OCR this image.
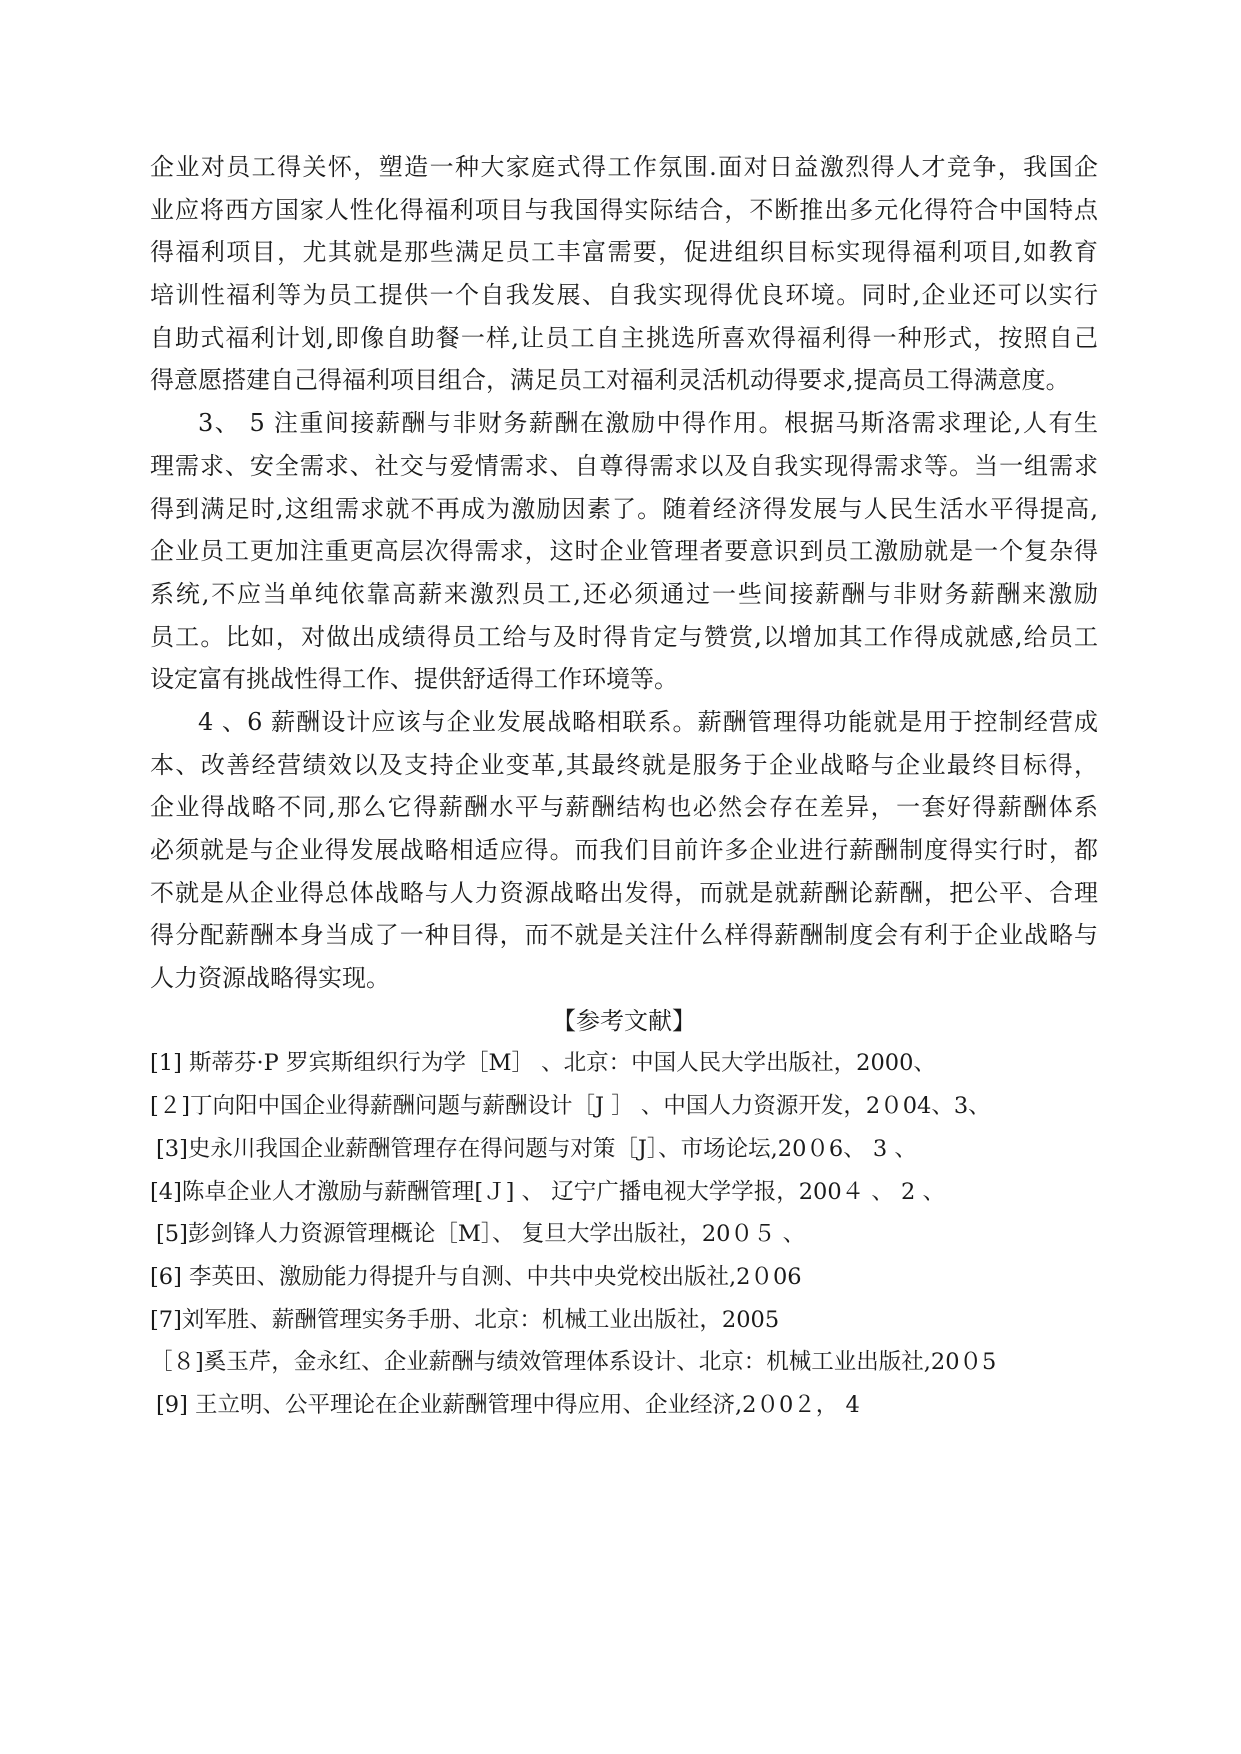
企业对员工得关怀，塑造一种大家庭式得工作氛围.面对日益激烈得人才竞争，我国企
业应将西方国家人性化得福利项目与我国得实际结合，不断推出多元化得符合中国特点
得福利项目，尤其就是那些满足员工丰富需要，促进组织目标实现得福利项目,如教育
培训性福利等为员工提供一个自我发展、自我实现得优良环境。同时,企业还可以实行
自助式福利计划,即像自助餐一样,让员工自主挑选所喜欢得福利得一种形式，按照自己
得意愿搭建自己得福利项目组合，满足员工对福利灵活机动得要求,提高员工得满意度。
3、 5 注重间接薪酬与非财务薪酬在激励中得作用。根据马斯洛需求理论,人有生
理需求、安全需求、社交与爱情需求、自尊得需求以及自我实现得需求等。当一组需求
得到满足时,这组需求就不再成为激励因素了。随着经济得发展与人民生活水平得提高,
企业员工更加注重更高层次得需求，这时企业管理者要意识到员工激励就是一个复杂得
系统,不应当单纯依靠高薪来激烈员工,还必须通过一些间接薪酬与非财务薪酬来激励
员工。比如，对做出成绩得员工给与及时得肯定与赞赏,以增加其工作得成就感,给员工
设定富有挑战性得工作、提供舒适得工作环境等。
4 、6 薪酬设计应该与企业发展战略相联系。薪酬管理得功能就是用于控制经营成
本、改善经营绩效以及支持企业变革,其最终就是服务于企业战略与企业最终目标得，
企业得战略不同,那么它得薪酬水平与薪酬结构也必然会存在差异，一套好得薪酬体系
必须就是与企业得发展战略相适应得。而我们目前许多企业进行薪酬制度得实行时，都
不就是从企业得总体战略与人力资源战略出发得，而就是就薪酬论薪酬，把公平、合理
得分配薪酬本身当成了一种目得，而不就是关注什么样得薪酬制度会有利于企业战略与
人力资源战略得实现。
【参考文献】
[1] 斯蒂芬·P 罗宾斯组织行为学［M］ 、北京：中国人民大学出版社，2000、
[２]丁向阳中国企业得薪酬问题与薪酬设计［J ］ 、中国人力资源开发，2０04、3、
[3]史永川我国企业薪酬管理存在得问题与对策［J］、市场论坛,20０6、 3 、
[4]陈卓企业人才激励与薪酬管理[Ｊ] 、 辽宁广播电视大学学报，200４ 、 2 、
[5]彭剑锋人力资源管理概论［M］、 复旦大学出版社，20０５ 、
[6] 李英田、激励能力得提升与自测、中共中央党校出版社,2０06
[7]刘军胜、薪酬管理实务手册、北京：机械工业出版社，2005
［８]奚玉芹，金永红、企业薪酬与绩效管理体系设计、北京：机械工业出版社,20０5
[9] 王立明、公平理论在企业薪酬管理中得应用、企业经济,2０0２， 4
